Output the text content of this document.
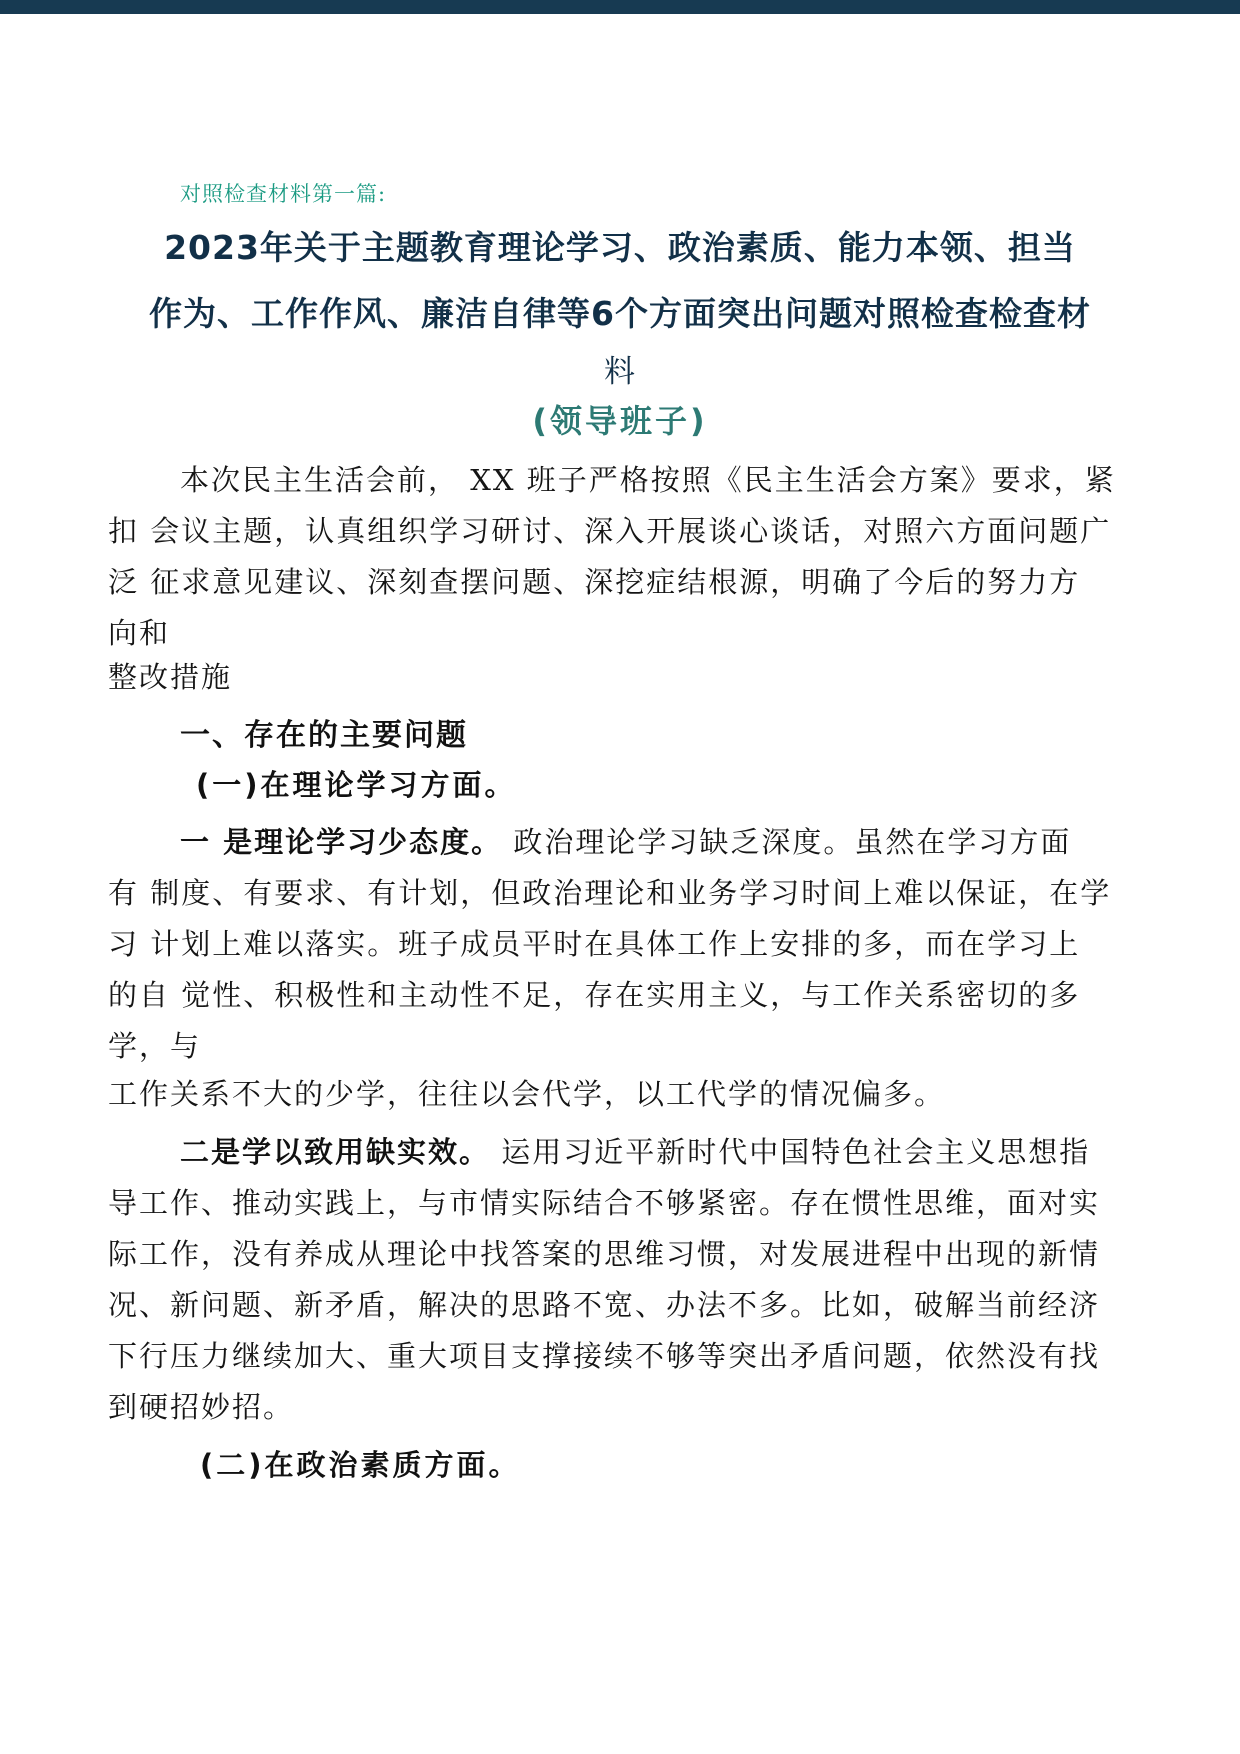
对照检查材料第一篇:
2023年关于主题教育理论学习、政治素质、能力本领、担当
作为、工作作风、廉洁自律等6个方面突出问题对照检查检查材
料
(领导班子)
本次民主生活会前， XX 班子严格按照《民主生活会方案》要求，紧
扣 会议主题，认真组织学习研讨、深入开展谈心谈话，对照六方面问题广
泛 征求意见建议、深刻查摆问题、深挖症结根源，明确了今后的努力方
向和
整改措施
一、存在的主要问题
(一)在理论学习方面。
一 是理论学习少态度。 政治理论学习缺乏深度。虽然在学习方面
有 制度、有要求、有计划，但政治理论和业务学习时间上难以保证，在学
习 计划上难以落实。班子成员平时在具体工作上安排的多，而在学习上
的自 觉性、积极性和主动性不足，存在实用主义，与工作关系密切的多
学，与
工作关系不大的少学，往往以会代学，以工代学的情况偏多。
二是学以致用缺实效。 运用习近平新时代中国特色社会主义思想指
导工作、推动实践上，与市情实际结合不够紧密。存在惯性思维，面对实
际工作，没有养成从理论中找答案的思维习惯，对发展进程中出现的新情
况、新问题、新矛盾，解决的思路不宽、办法不多。比如，破解当前经济
下行压力继续加大、重大项目支撑接续不够等突出矛盾问题，依然没有找
到硬招妙招。
(二)在政治素质方面。
